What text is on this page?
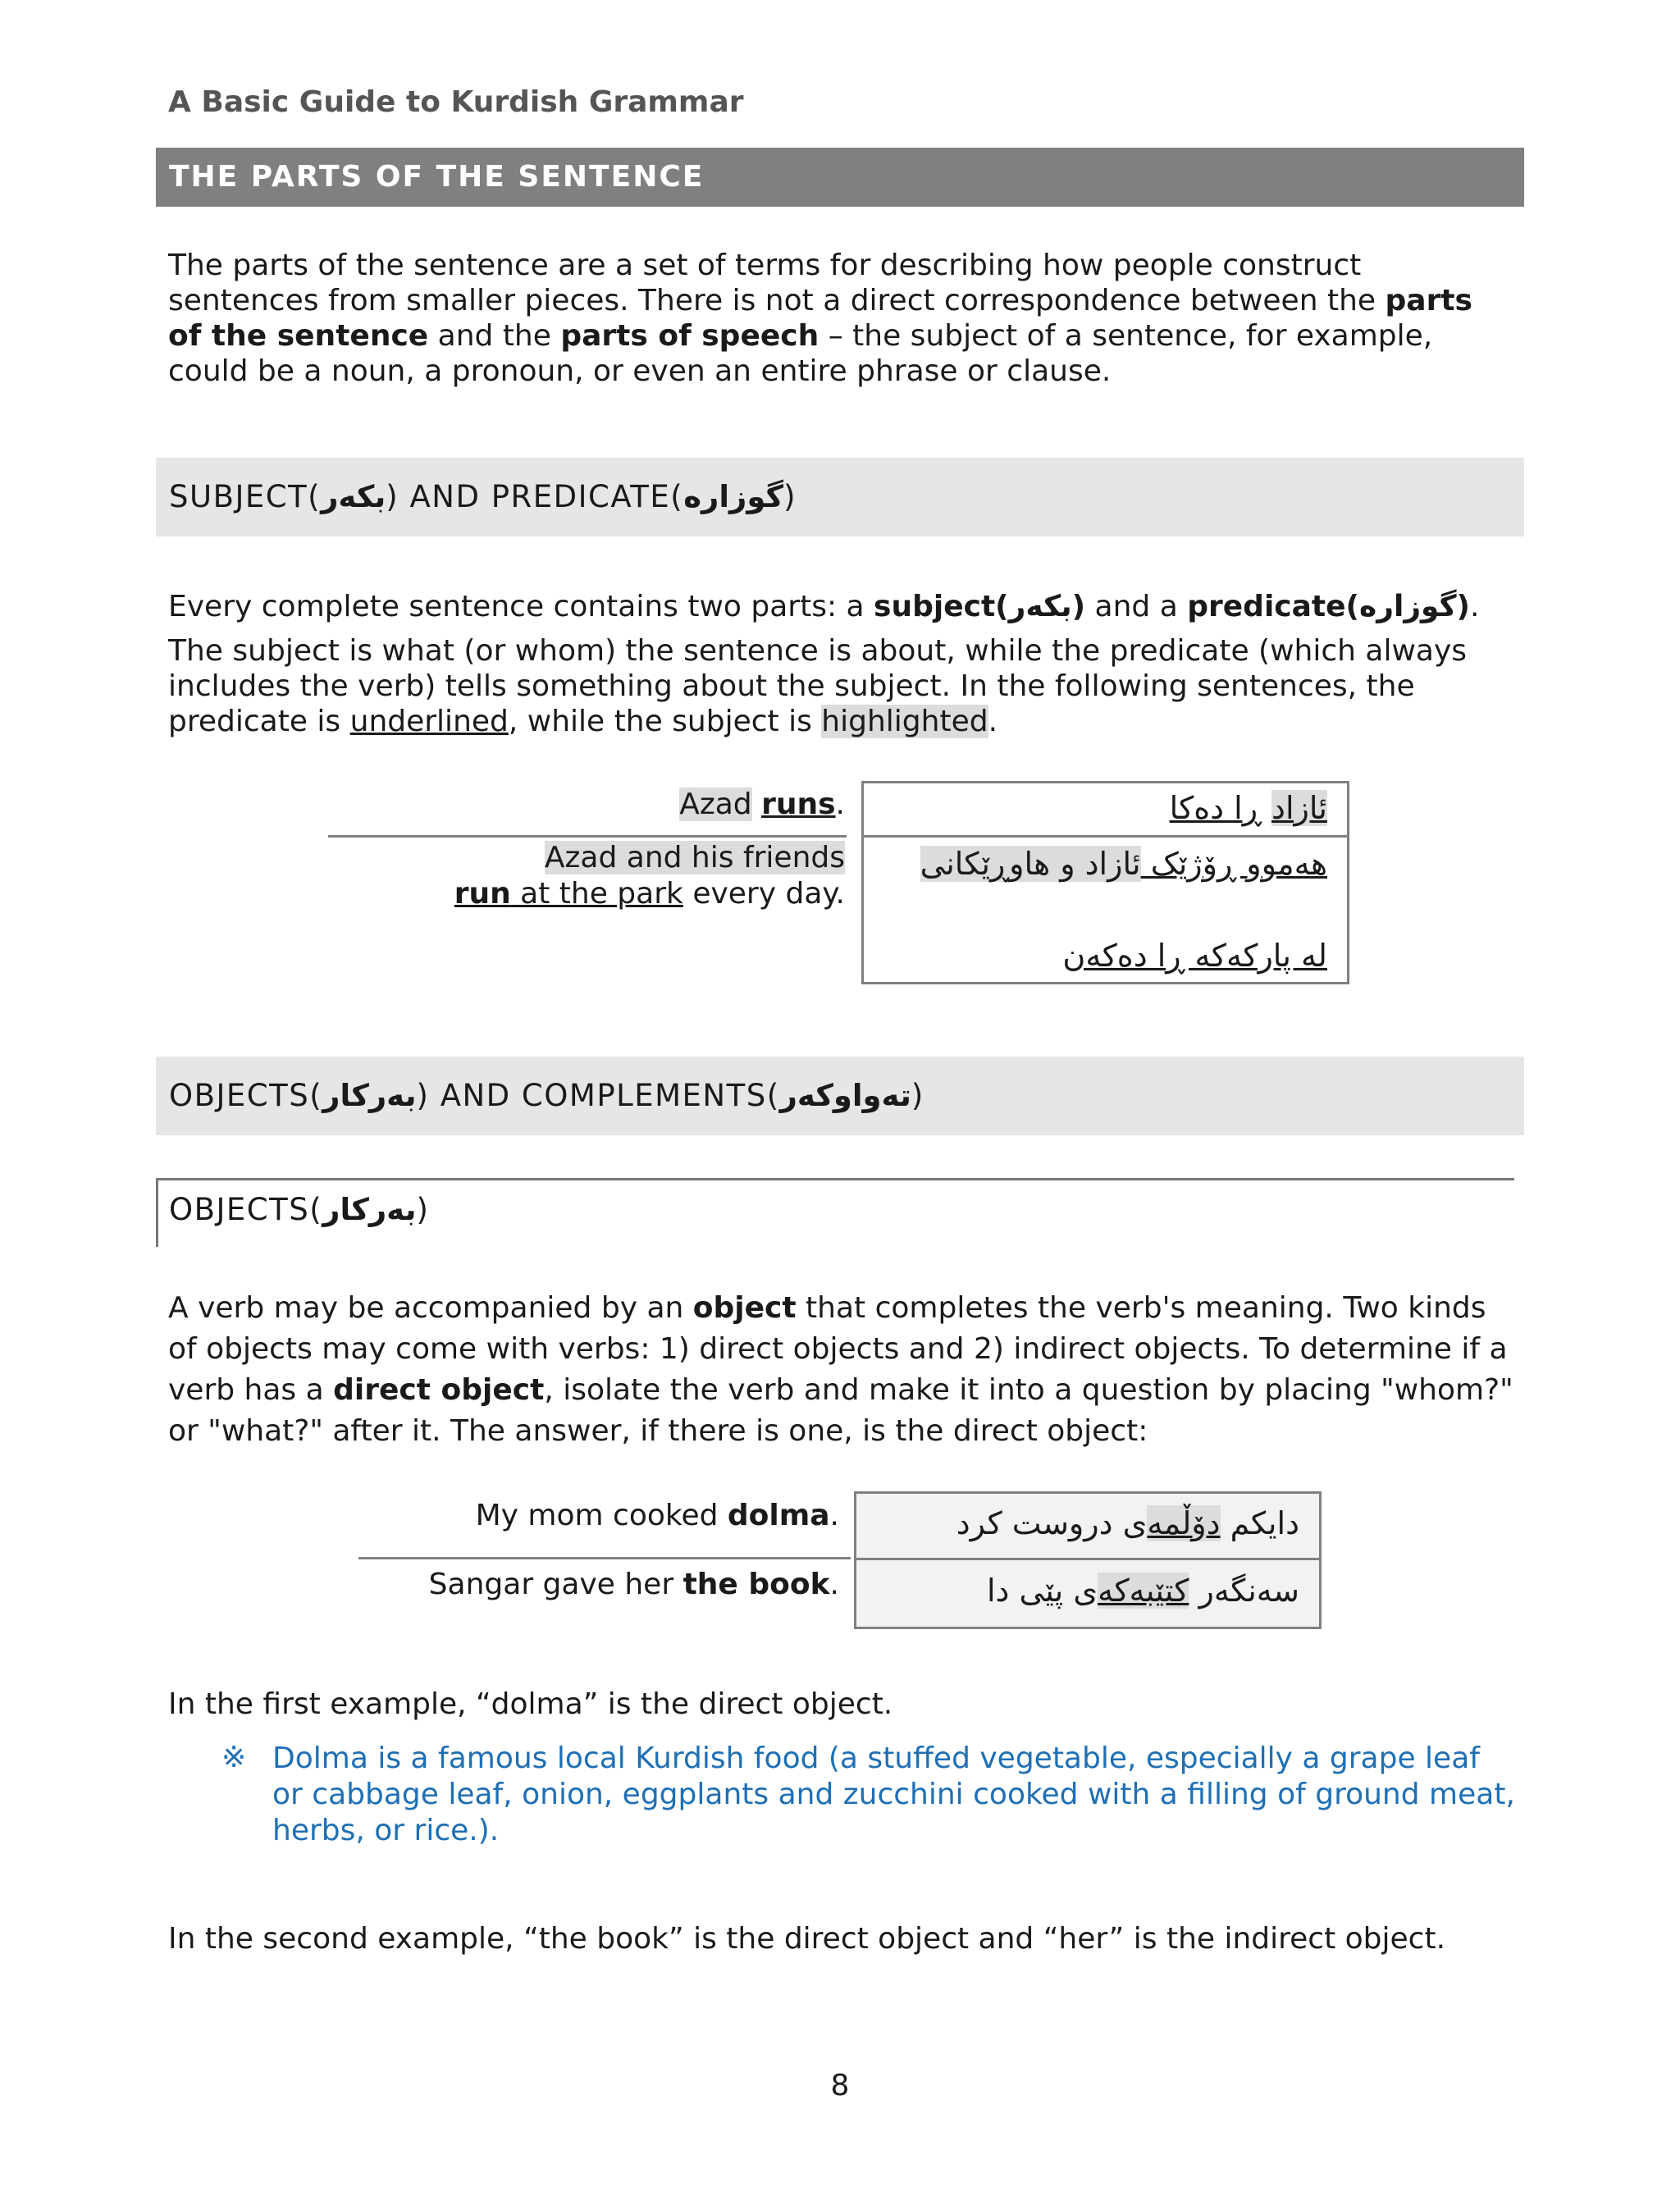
A Basic Guide to Kurdish Grammar
THE PARTS OF THE SENTENCE

The parts of the sentence are a set of terms for describing how people construct sentences from smaller pieces. There is not a direct correspondence between the parts of the sentence and the parts of speech – the subject of a sentence, for example, could be a noun, a pronoun, or even an entire phrase or clause.

SUBJECT(بکەر) AND PREDICATE(گوزارە)

Every complete sentence contains two parts: a subject(بکەر) and a predicate(گوزارە).

The subject is what (or whom) the sentence is about, while the predicate (which always includes the verb) tells something about the subject. In the following sentences, the predicate is underlined, while the subject is highlighted.

Azad runs.
Azad and his friends
run at the park every day.
ئازاد ڕا دەکا
هەموو ڕۆژێک ئازاد و هاوڕێکانی
لە پارکەکە ڕا دەکەن
OBJECTS(بەرکار) AND COMPLEMENTS(تەواوکەر)
OBJECTS(بەرکار)

A verb may be accompanied by an object that completes the verb's meaning. Two kinds of objects may come with verbs: 1) direct objects and 2) indirect objects. To determine if a verb has a direct object, isolate the verb and make it into a question by placing "whom?" or "what?" after it. The answer, if there is one, is the direct object:

My mom cooked dolma.
Sangar gave her the book.
دایکم دۆڵمەی دروست کرد
سەنگەر کتێبەکەی پێی دا

In the first example, “dolma” is the direct object.

※ Dolma is a famous local Kurdish food (a stuffed vegetable, especially a grape leaf or cabbage leaf, onion, eggplants and zucchini cooked with a filling of ground meat, herbs, or rice.).

In the second example, “the book” is the direct object and “her” is the indirect object.

8
